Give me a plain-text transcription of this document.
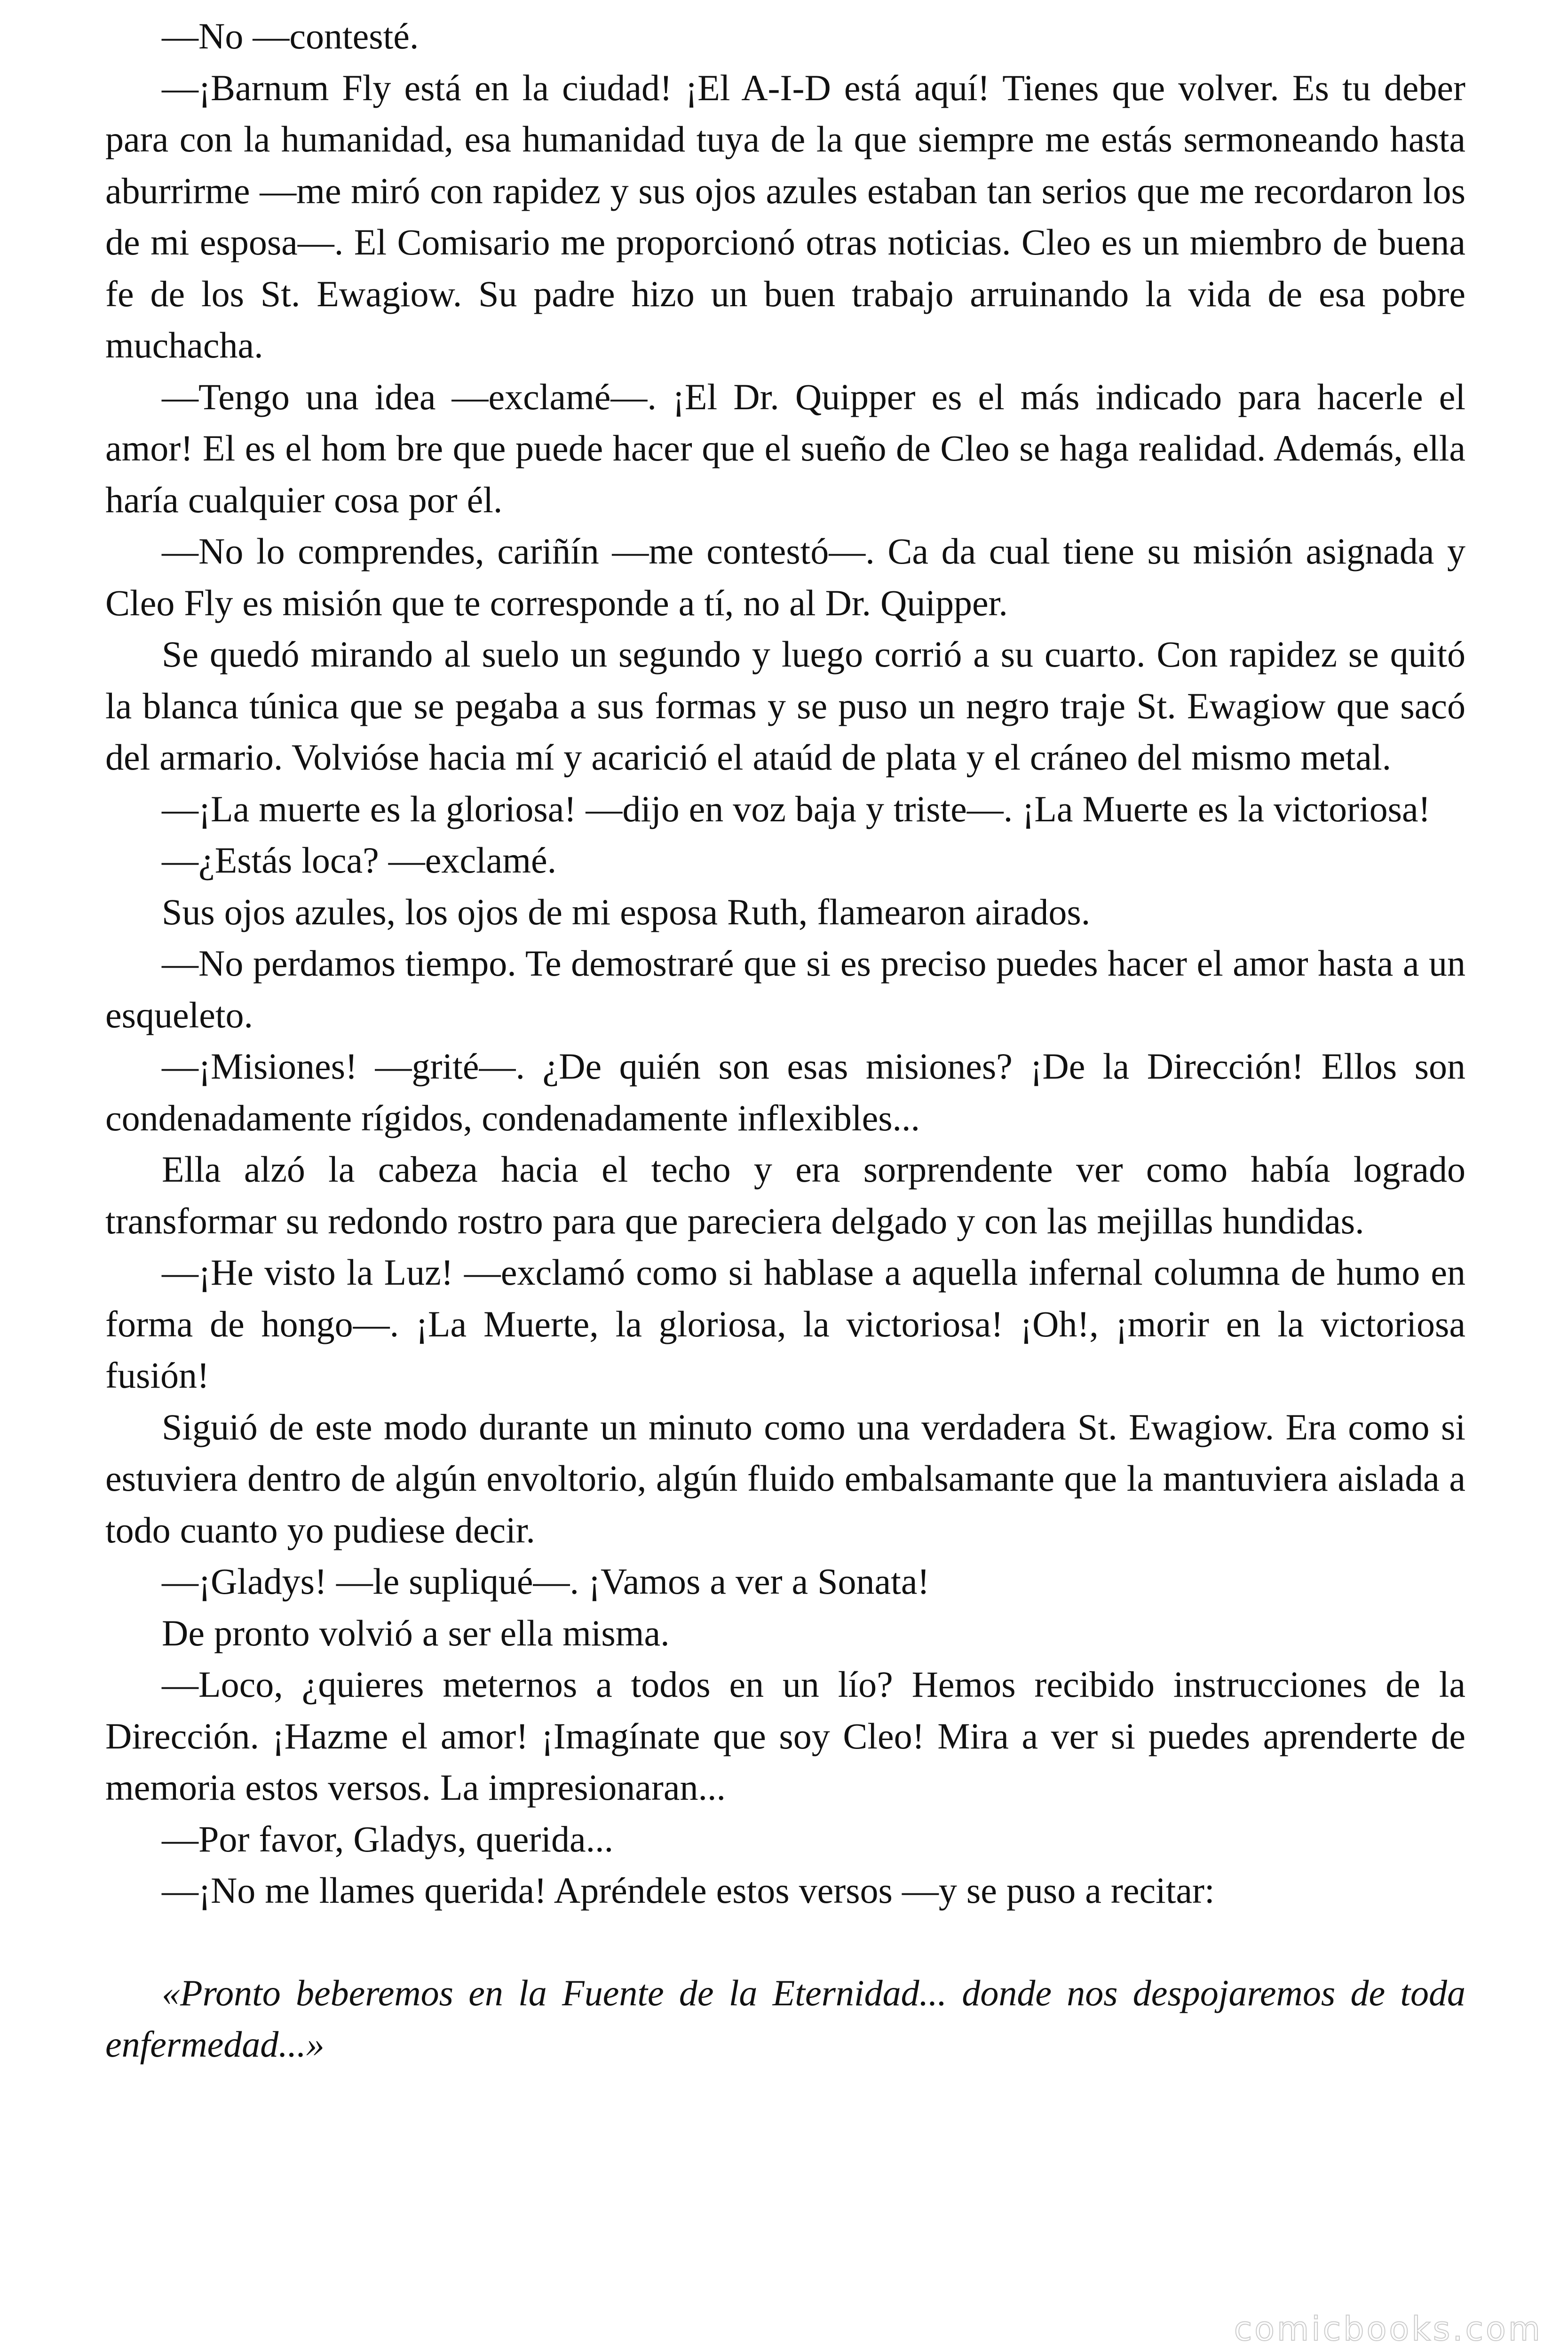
—No —contesté.

—¡Barnum Fly está en la ciudad! ¡El A-I-D está aquí! Tienes que volver. Es tu deber para con la humanidad, esa humanidad tuya de la que siempre me estás sermoneando hasta aburrirme —me miró con rapidez y sus ojos azules estaban tan serios que me recordaron los de mi esposa—. El Comisario me proporcionó otras noticias. Cleo es un miembro de buena fe de los St. Ewagiow. Su padre hizo un buen trabajo arruinando la vida de esa pobre muchacha.

—Tengo una idea —exclamé—. ¡El Dr. Quipper es el más indicado para hacerle el amor! El es el hom bre que puede hacer que el sueño de Cleo se haga realidad. Además, ella haría cualquier cosa por él.

—No lo comprendes, cariñín —me contestó—. Ca da cual tiene su misión asignada y Cleo Fly es misión que te corresponde a tí, no al Dr. Quipper.

Se quedó mirando al suelo un segundo y luego corrió a su cuarto. Con rapidez se quitó la blanca túnica que se pegaba a sus formas y se puso un negro traje St. Ewagiow que sacó del armario. Volvióse hacia mí y acarició el ataúd de plata y el cráneo del mismo metal.

—¡La muerte es la gloriosa! —dijo en voz baja y triste—. ¡La Muerte es la victoriosa!

—¿Estás loca? —exclamé.

Sus ojos azules, los ojos de mi esposa Ruth, flamearon airados.

—No perdamos tiempo. Te demostraré que si es preciso puedes hacer el amor hasta a un esqueleto.

—¡Misiones! —grité—. ¿De quién son esas misiones? ¡De la Dirección! Ellos son condenadamente rígidos, condenadamente inflexibles...

Ella alzó la cabeza hacia el techo y era sorprendente ver como había logrado transformar su redondo rostro para que pareciera delgado y con las mejillas hundidas.

—¡He visto la Luz! —exclamó como si hablase a aquella infernal columna de humo en forma de hongo—. ¡La Muerte, la gloriosa, la victoriosa! ¡Oh!, ¡morir en la victoriosa fusión!

Siguió de este modo durante un minuto como una verdadera St. Ewagiow. Era como si estuviera dentro de algún envoltorio, algún fluido embalsamante que la mantuviera aislada a todo cuanto yo pudiese decir.

—¡Gladys! —le supliqué—. ¡Vamos a ver a Sonata!

De pronto volvió a ser ella misma.

—Loco, ¿quieres meternos a todos en un lío? Hemos recibido instrucciones de la Dirección. ¡Hazme el amor! ¡Imagínate que soy Cleo! Mira a ver si puedes aprenderte de memoria estos versos. La impresionaran...

—Por favor, Gladys, querida...

—¡No me llames querida! Apréndele estos versos —y se puso a recitar:

«Pronto beberemos en la Fuente de la Eternidad... donde nos despojaremos de toda enfermedad...»

comicbooks.com
